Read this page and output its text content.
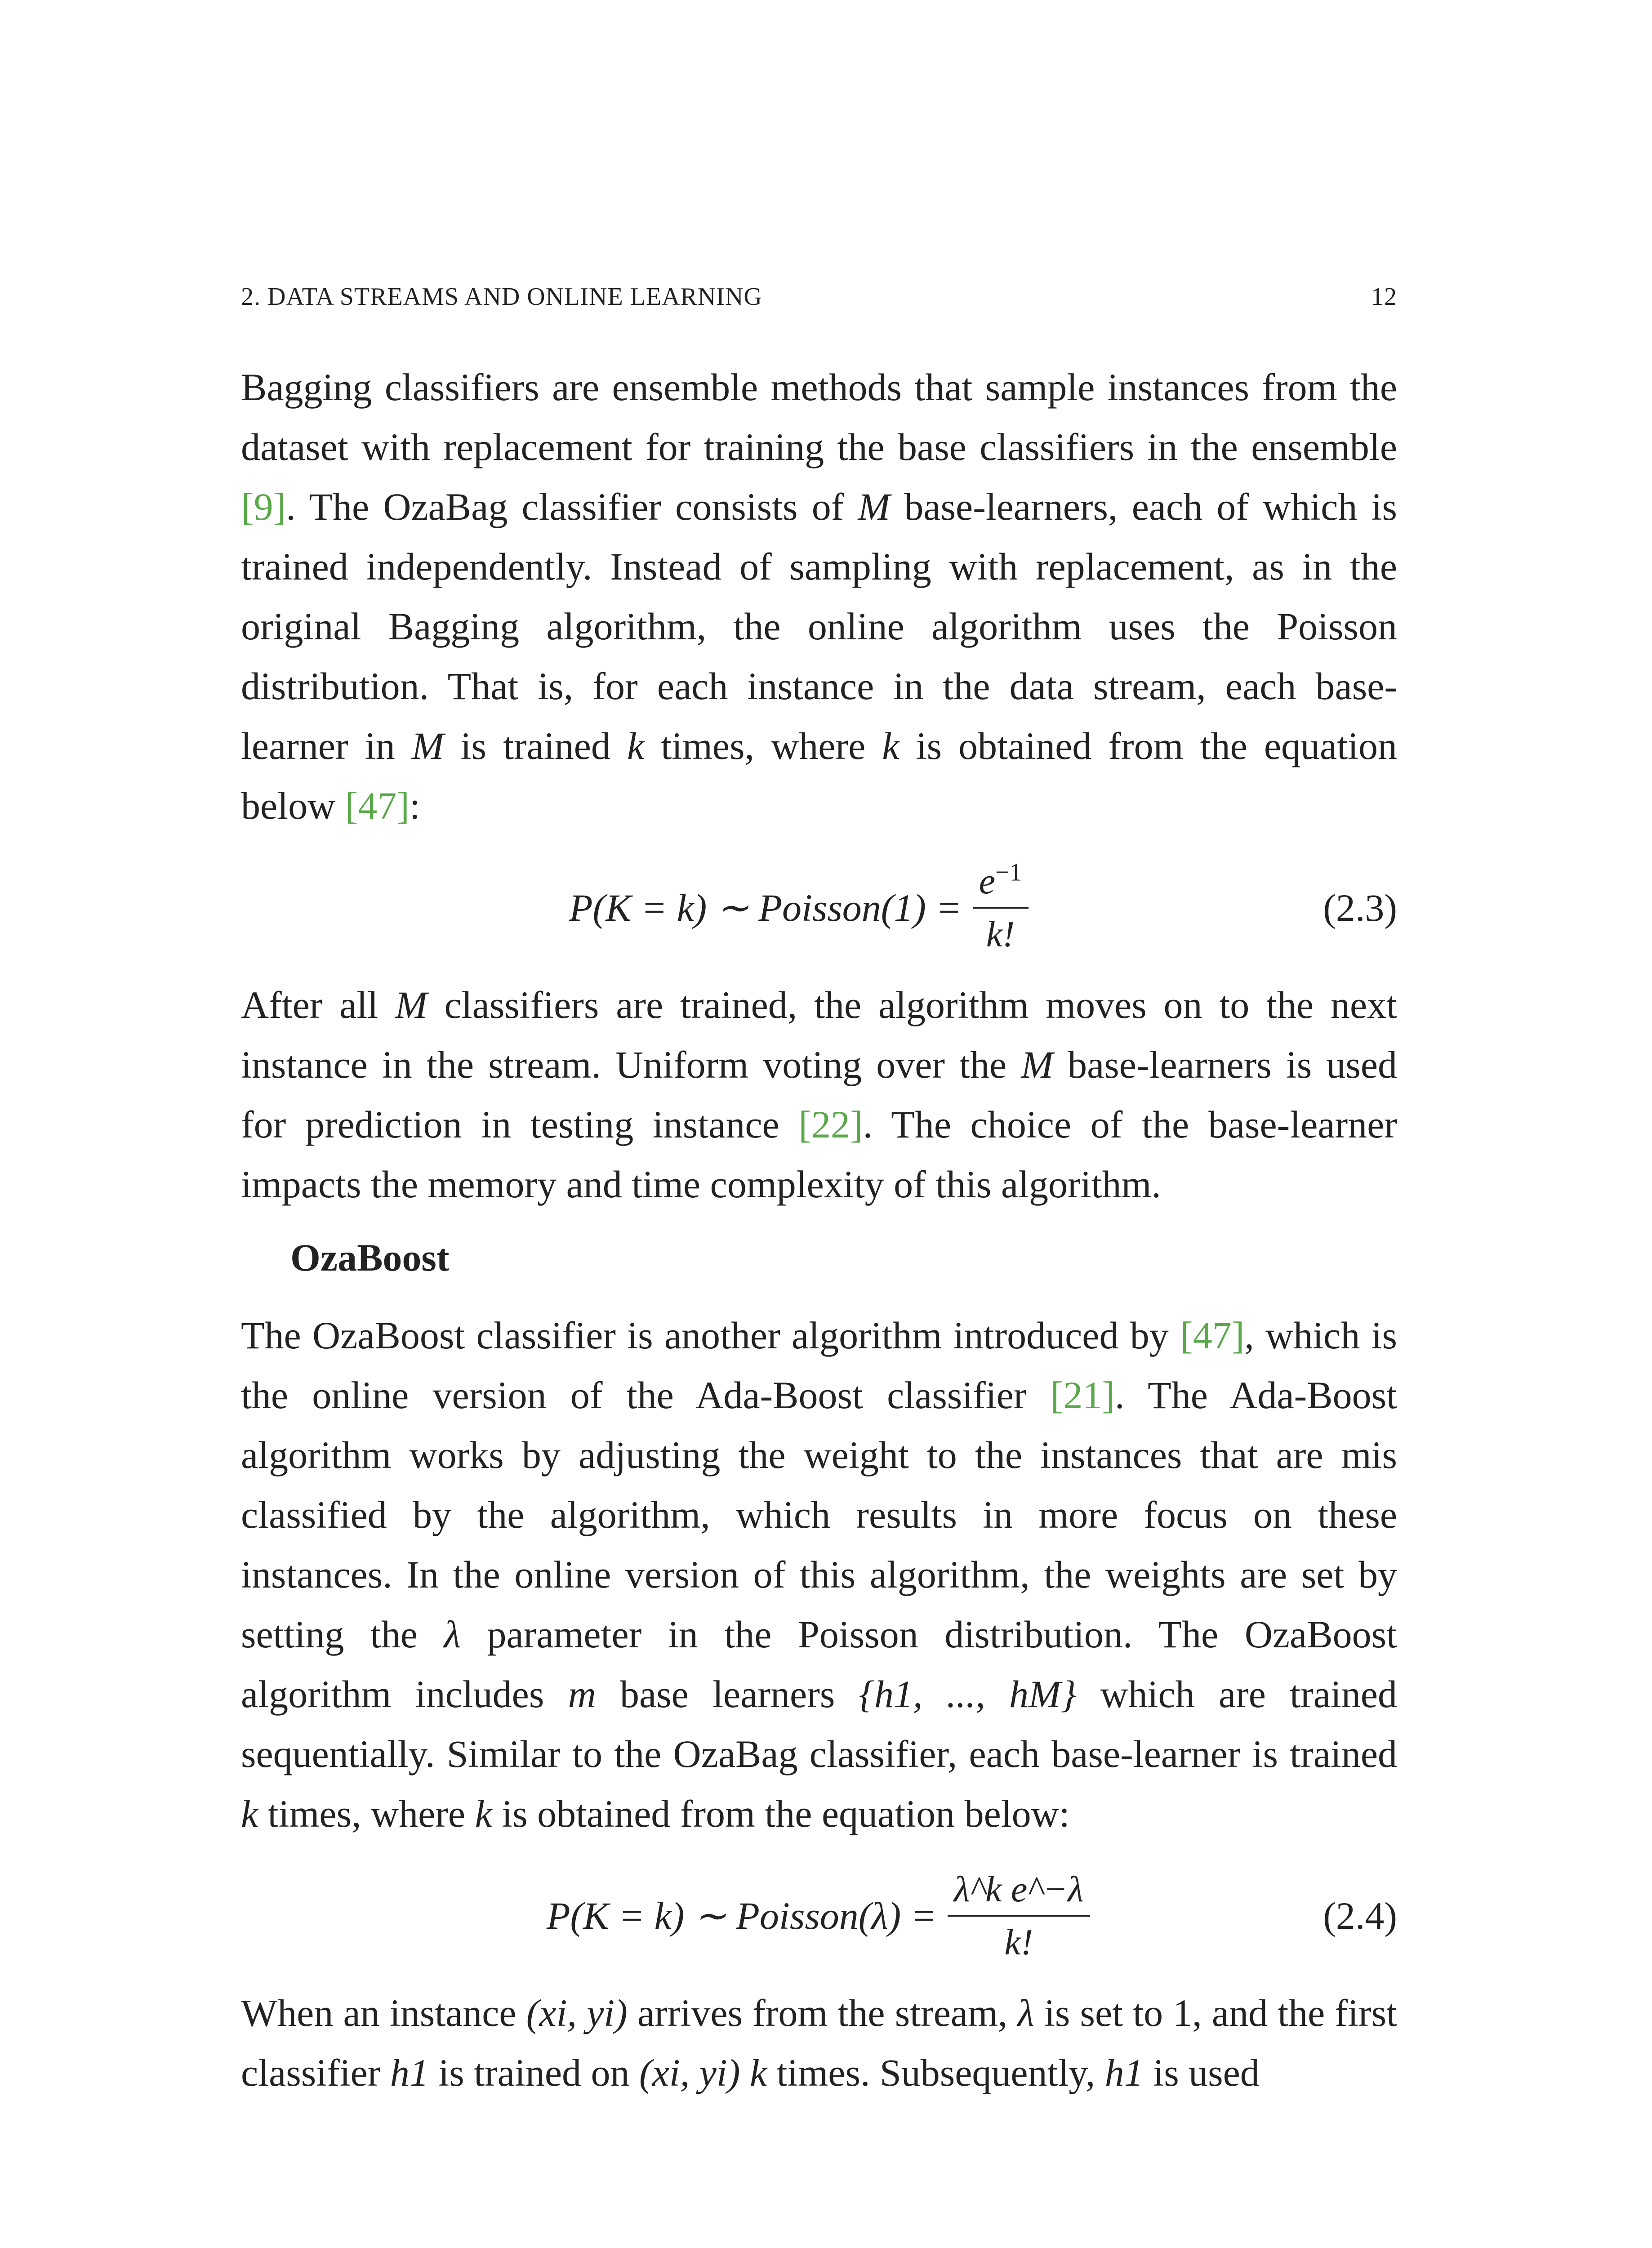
2. DATA STREAMS AND ONLINE LEARNING	12

Bagging classifiers are ensemble methods that sample instances from the dataset with replacement for training the base classifiers in the ensemble [9]. The OzaBag classifier consists of M base-learners, each of which is trained independently. Instead of sampling with replacement, as in the original Bagging algorithm, the online algorithm uses the Poisson distribution. That is, for each instance in the data stream, each base-learner in M is trained k times, where k is obtained from the equation below [47]:

P(K = k) ∼ Poisson(1) = $\frac{e^{-1}}{k!}$	(2.3)

After all M classifiers are trained, the algorithm moves on to the next instance in the stream. Uniform voting over the M base-learners is used for prediction in testing instance [22]. The choice of the base-learner impacts the memory and time complexity of this algorithm.

OzaBoost

The OzaBoost classifier is another algorithm introduced by [47], which is the online version of the Ada-Boost classifier [21]. The Ada-Boost algorithm works by adjusting the weight to the instances that are mis classified by the algorithm, which results in more focus on these instances. In the online version of this algorithm, the weights are set by setting the λ parameter in the Poisson distribution. The OzaBoost algorithm includes m base learners {h1, ..., hM} which are trained sequentially. Similar to the OzaBag classifier, each base-learner is trained k times, where k is obtained from the equation below:

P(K = k) ∼ Poisson(λ) = $\frac{\text{λ\textasciicircum{}k e\textasciicircum{}−λ}}{k!}$	(2.4)

When an instance (xi, yi) arrives from the stream, λ is set to 1, and the first classifier h1 is trained on (xi, yi) k times. Subsequently, h1 is used
